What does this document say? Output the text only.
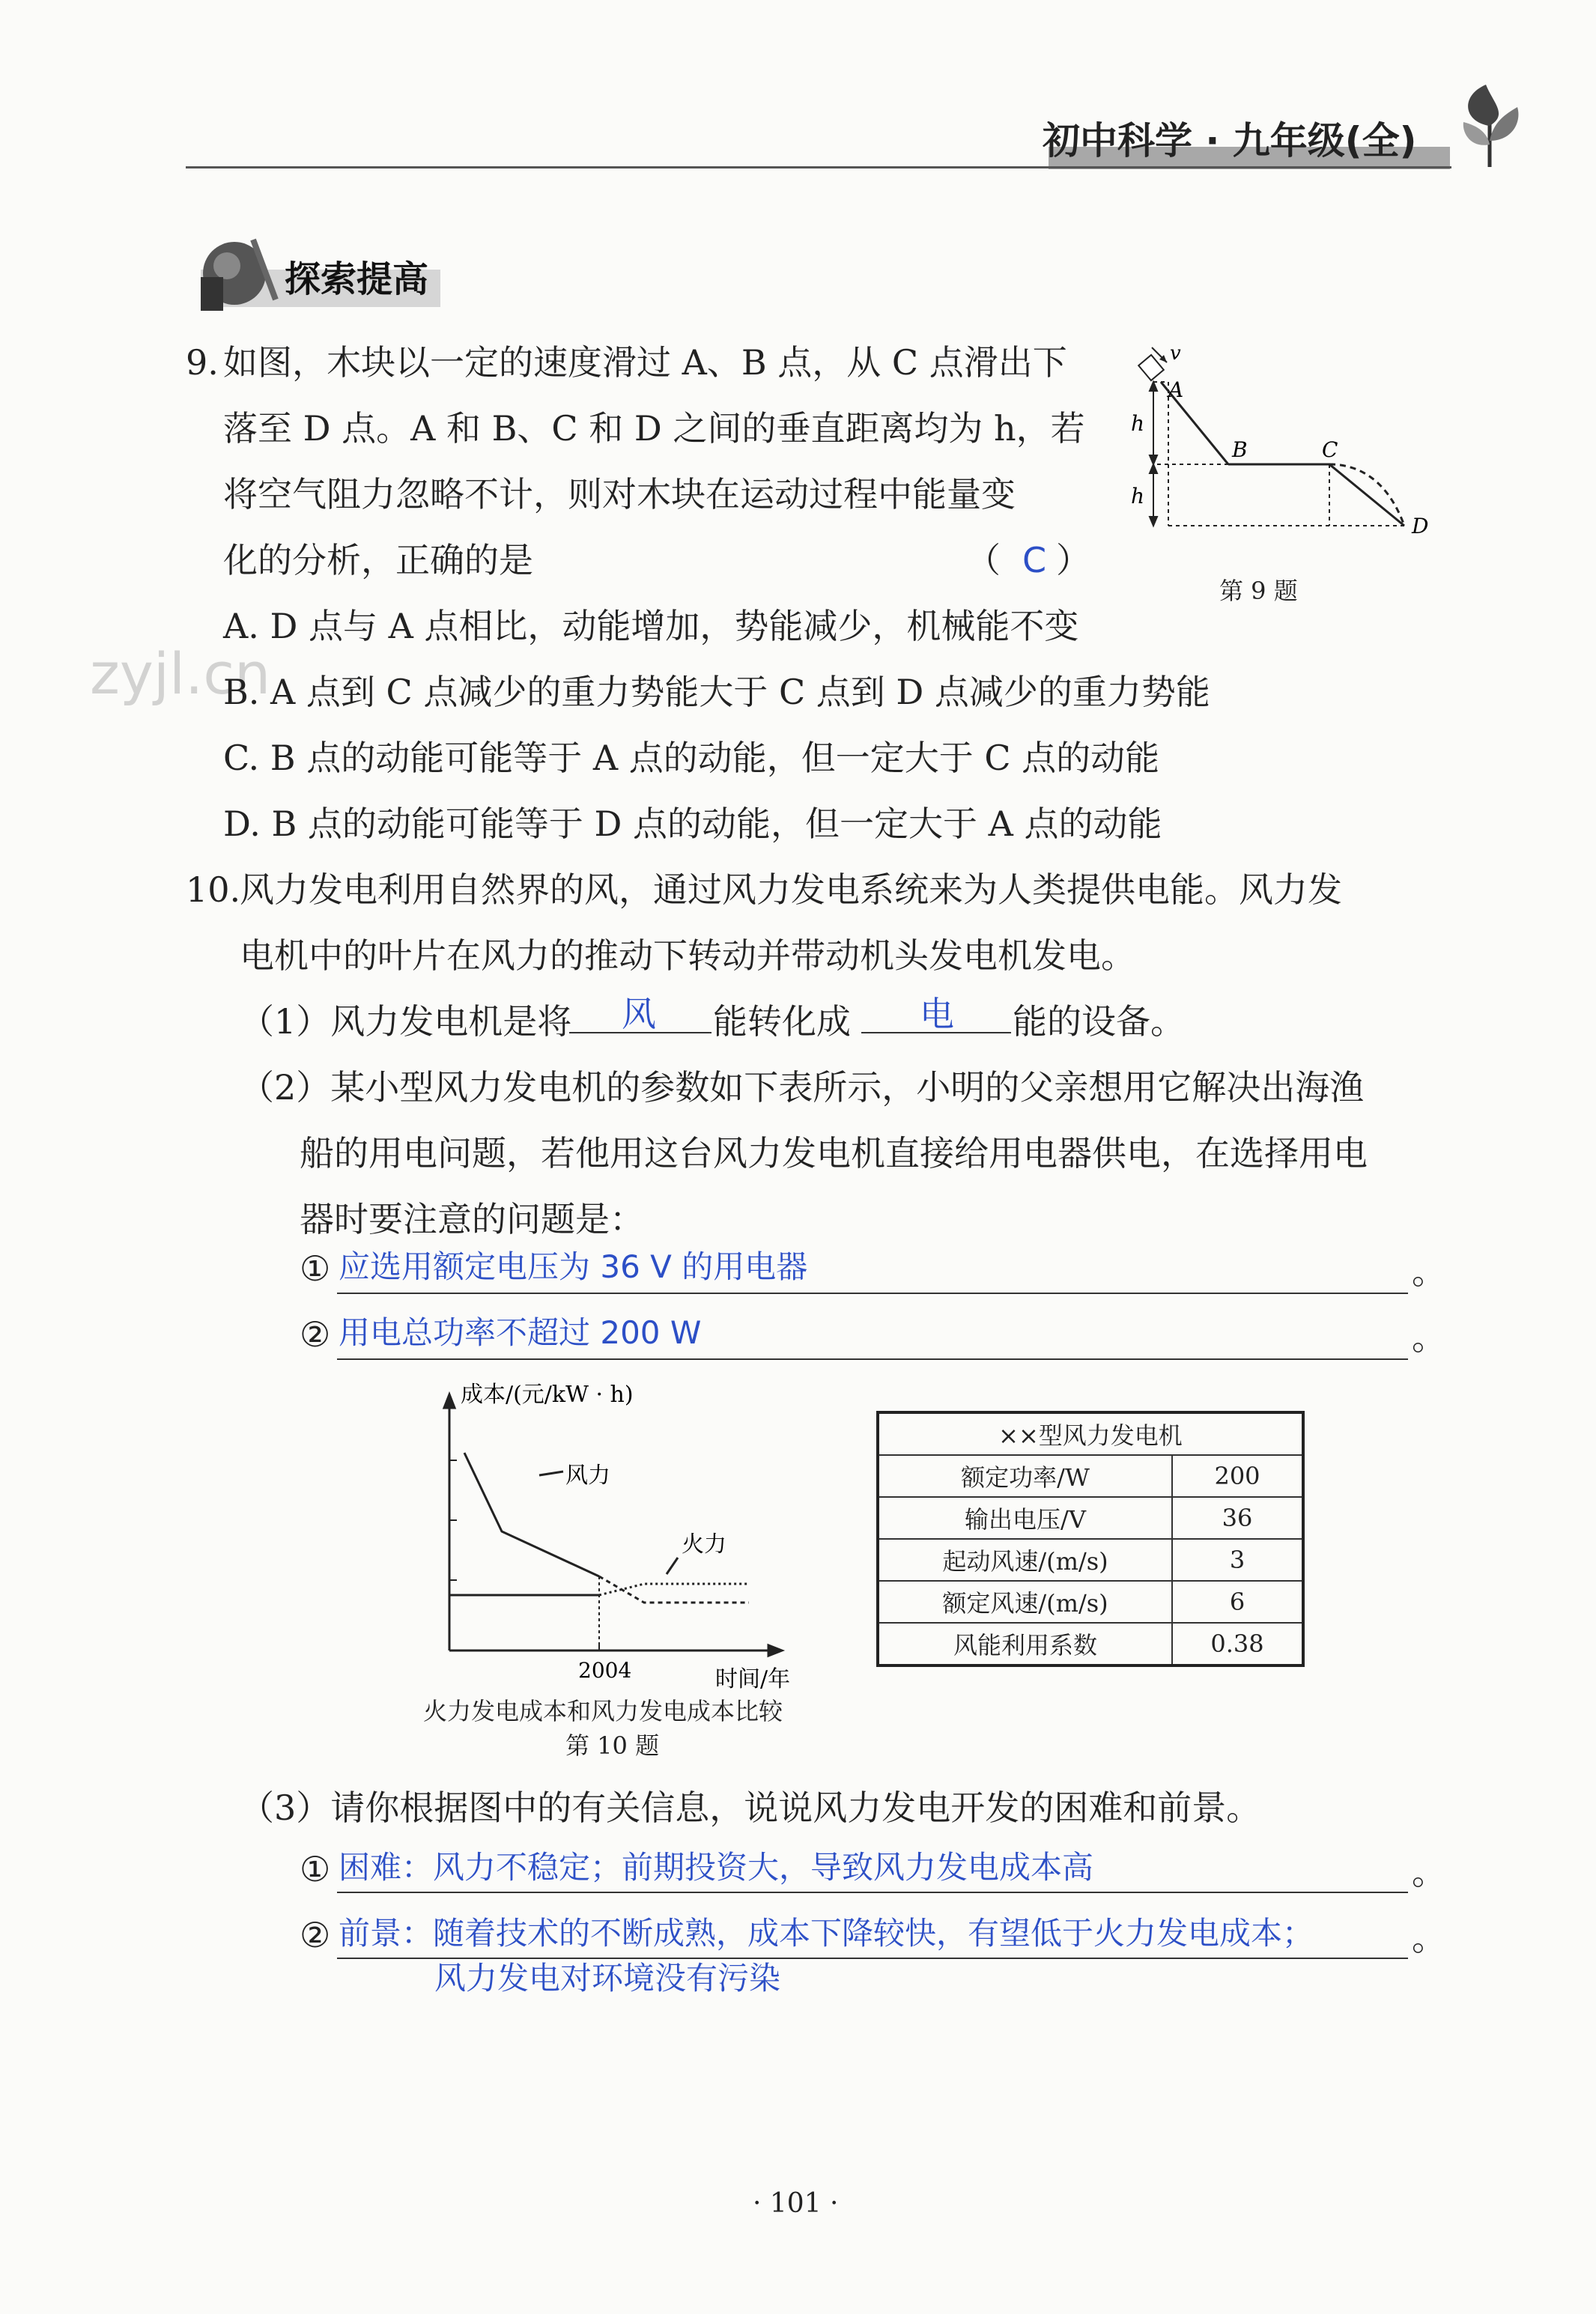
初中科学 · 九年级(全)
探索提高
zyjl.cn
9. 如图，木块以一定的速度滑过 A、B 点，从 C 点滑出下
落至 D 点。A 和 B、C 和 D 之间的垂直距离均为 h，若
将空气阻力忽略不计，则对木块在运动过程中能量变
化的分析，正确的是	（ C ）
A. D 点与 A 点相比，动能增加，势能减少，机械能不变
B. A 点到 C 点减少的重力势能大于 C 点到 D 点减少的重力势能
C. B 点的动能可能等于 A 点的动能，但一定大于 C 点的动能
D. B 点的动能可能等于 D 点的动能，但一定大于 A 点的动能
v
A
B	C
D
h
h
第 9 题
10.
风力发电利用自然界的风，通过风力发电系统来为人类提供电能。风力发
电机中的叶片在风力的推动下转动并带动机头发电机发电。
（1）风力发电机是将 风 能转化成 电 能的设备。
（2）某小型风力发电机的参数如下表所示，小明的父亲想用它解决出海渔
船的用电问题，若他用这台风力发电机直接给用电器供电，在选择用电
器时要注意的问题是：
① 应选用额定电压为 36 V 的用电器	。
② 用电总功率不超过 200 W	。
成本/(元/kW · h)
2004	时间/年
风力
火力
火力发电成本和风力发电成本比较
第 10 题
××型风力发电机	
额定功率/W	200
输出电压/V	36
起动风速/(m/s)	3
额定风速/(m/s)	6
风能利用系数	0.38
（3）请你根据图中的有关信息，说说风力发电开发的困难和前景。
① 困难：风力不稳定；前期投资大，导致风力发电成本高	。
② 前景：随着技术的不断成熟，成本下降较快，有望低于火力发电成本；	。
风力发电对环境没有污染
· 101 ·
